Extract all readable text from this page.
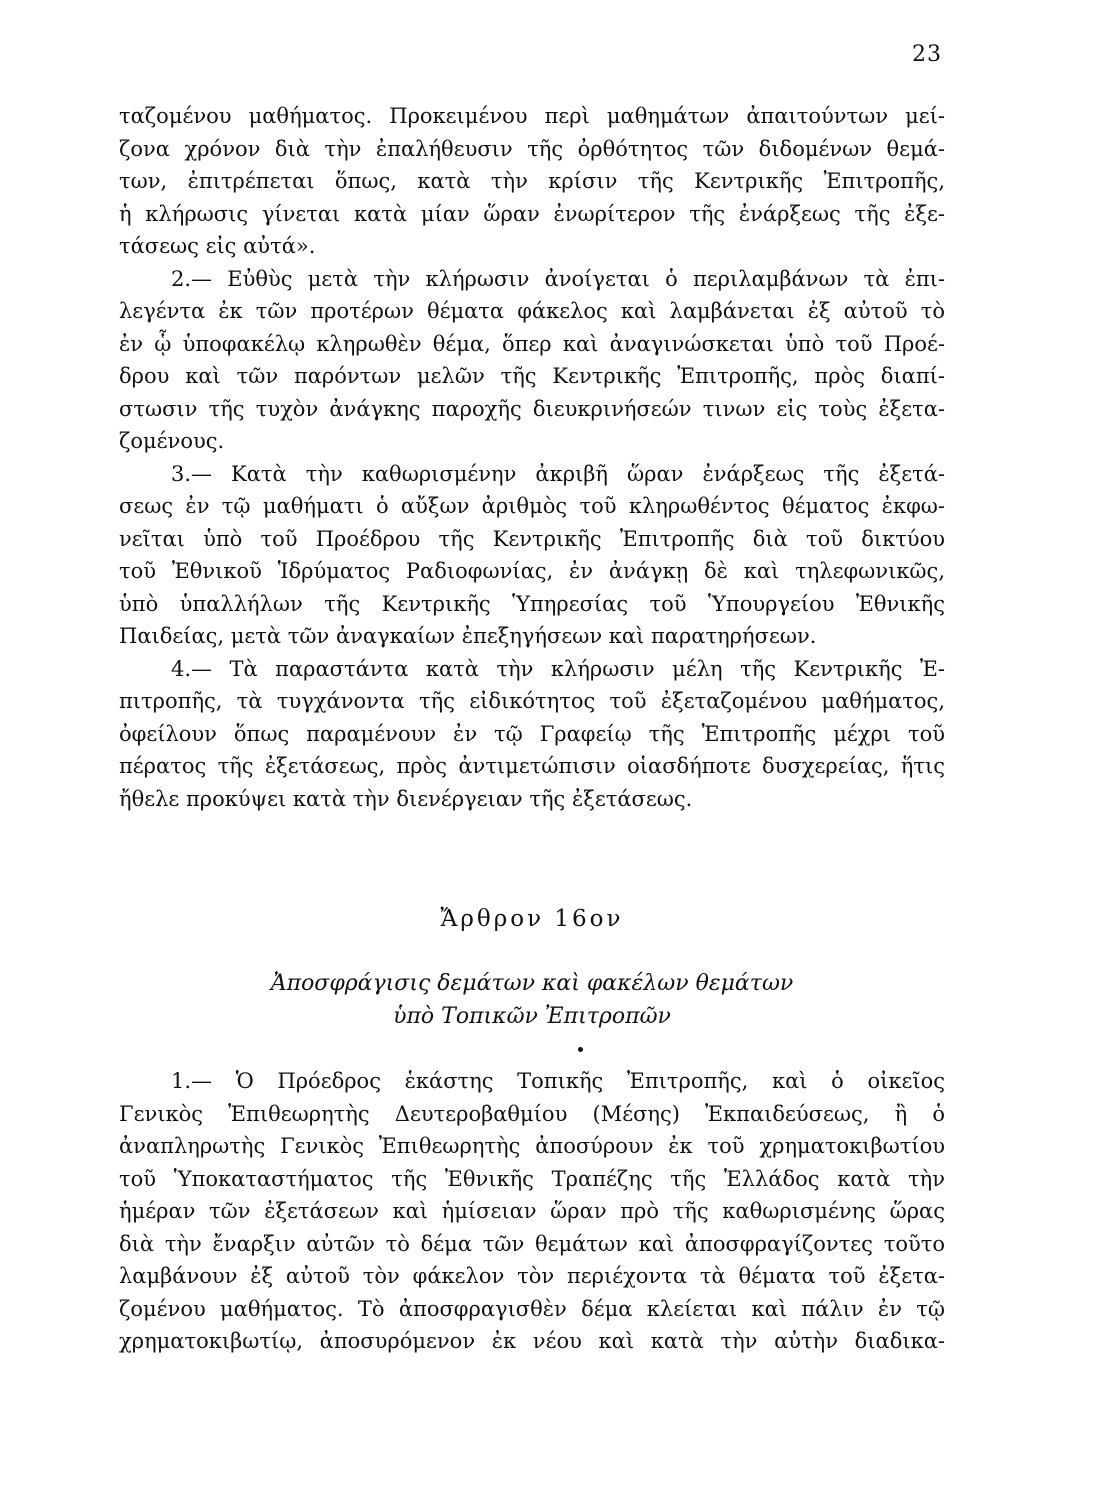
23
ταζομένου μαθήματος. Προκειμένου περὶ μαθημάτων ἀπαιτούντων μεί-
ζονα χρόνον διὰ τὴν ἐπαλήθευσιν τῆς ὀρθότητος τῶν διδομένων θεμά-
των, ἐπιτρέπεται ὅπως, κατὰ τὴν κρίσιν τῆς Κεντρικῆς Ἐπιτροπῆς,
ἡ κλήρωσις γίνεται κατὰ μίαν ὥραν ἐνωρίτερον τῆς ἐνάρξεως τῆς ἐξε-
τάσεως εἰς αὐτά».
2.— Εὐθὺς μετὰ τὴν κλήρωσιν ἀνοίγεται ὁ περιλαμβάνων τὰ ἐπι-
λεγέντα ἐκ τῶν προτέρων θέματα φάκελος καὶ λαμβάνεται ἐξ αὐτοῦ τὸ
ἐν ᾧ ὑποφακέλῳ κληρωθὲν θέμα, ὅπερ καὶ ἀναγινώσκεται ὑπὸ τοῦ Προέ-
δρου καὶ τῶν παρόντων μελῶν τῆς Κεντρικῆς Ἐπιτροπῆς, πρὸς διαπί-
στωσιν τῆς τυχὸν ἀνάγκης παροχῆς διευκρινήσεών τινων εἰς τοὺς ἐξετα-
ζομένους.
3.— Κατὰ τὴν καθωρισμένην ἀκριβῆ ὥραν ἐνάρξεως τῆς ἐξετά-
σεως ἐν τῷ μαθήματι ὁ αὔξων ἀριθμὸς τοῦ κληρωθέντος θέματος ἐκφω-
νεῖται ὑπὸ τοῦ Προέδρου τῆς Κεντρικῆς Ἐπιτροπῆς διὰ τοῦ δικτύου
τοῦ Ἐθνικοῦ Ἱδρύματος Ραδιοφωνίας, ἐν ἀνάγκῃ δὲ καὶ τηλεφωνικῶς,
ὑπὸ ὑπαλλήλων τῆς Κεντρικῆς Ὑπηρεσίας τοῦ Ὑπουργείου Ἐθνικῆς
Παιδείας, μετὰ τῶν ἀναγκαίων ἐπεξηγήσεων καὶ παρατηρήσεων.
4.— Τὰ παραστάντα κατὰ τὴν κλήρωσιν μέλη τῆς Κεντρικῆς Ἐ-
πιτροπῆς, τὰ τυγχάνοντα τῆς εἰδικότητος τοῦ ἐξεταζομένου μαθήματος,
ὀφείλουν ὅπως παραμένουν ἐν τῷ Γραφείῳ τῆς Ἐπιτροπῆς μέχρι τοῦ
πέρατος τῆς ἐξετάσεως, πρὸς ἀντιμετώπισιν οἱασδήποτε δυσχερείας, ἥτις
ἤθελε προκύψει κατὰ τὴν διενέργειαν τῆς ἐξετάσεως.
Ἄρθρον 16ον
Ἀποσφράγισις δεμάτων καὶ φακέλων θεμάτων
ὑπὸ Τοπικῶν Ἐπιτροπῶν
1.— Ὁ Πρόεδρος ἑκάστης Τοπικῆς Ἐπιτροπῆς, καὶ ὁ οἰκεῖος
Γενικὸς Ἐπιθεωρητὴς Δευτεροβαθμίου (Μέσης) Ἐκπαιδεύσεως, ἢ ὁ
ἀναπληρωτὴς Γενικὸς Ἐπιθεωρητὴς ἀποσύρουν ἐκ τοῦ χρηματοκιβωτίου
τοῦ Ὑποκαταστήματος τῆς Ἐθνικῆς Τραπέζης τῆς Ἑλλάδος κατὰ τὴν
ἡμέραν τῶν ἐξετάσεων καὶ ἡμίσειαν ὥραν πρὸ τῆς καθωρισμένης ὥρας
διὰ τὴν ἔναρξιν αὐτῶν τὸ δέμα τῶν θεμάτων καὶ ἀποσφραγίζοντες τοῦτο
λαμβάνουν ἐξ αὐτοῦ τὸν φάκελον τὸν περιέχοντα τὰ θέματα τοῦ ἐξετα-
ζομένου μαθήματος. Τὸ ἀποσφραγισθὲν δέμα κλείεται καὶ πάλιν ἐν τῷ
χρηματοκιβωτίῳ, ἀποσυρόμενον ἐκ νέου καὶ κατὰ τὴν αὐτὴν διαδικα-
